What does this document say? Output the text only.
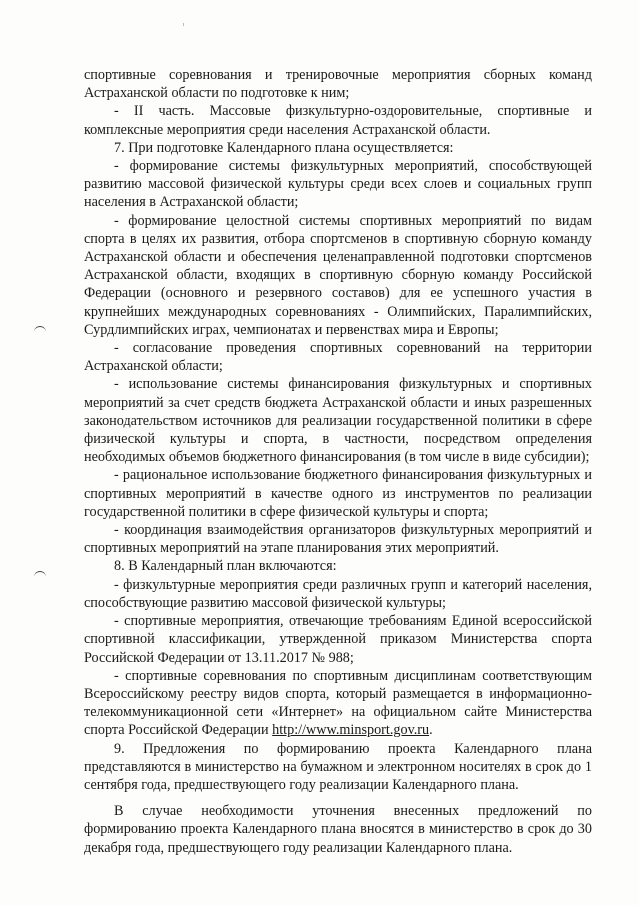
спортивные соревнования и тренировочные мероприятия сборных команд Астраханской области по подготовке к ним;

- II часть. Массовые физкультурно-оздоровительные, спортивные и комплексные мероприятия среди населения Астраханской области.

7. При подготовке Календарного плана осуществляется:

- формирование системы физкультурных мероприятий, способствующей развитию массовой физической культуры среди всех слоев и социальных групп населения в Астраханской области;

- формирование целостной системы спортивных мероприятий по видам спорта в целях их развития, отбора спортсменов в спортивную сборную команду Астраханской области и обеспечения целенаправленной подготовки спортсменов Астраханской области, входящих в спортивную сборную команду Российской Федерации (основного и резервного составов) для ее успешного участия в крупнейших международных соревнованиях - Олимпийских, Паралимпийских, Сурдлимпийских играх, чемпионатах и первенствах мира и Европы;

- согласование проведения спортивных соревнований на территории Астраханской области;

- использование системы финансирования физкультурных и спортивных мероприятий за счет средств бюджета Астраханской области и иных разрешенных законодательством источников для реализации государственной политики в сфере физической культуры и спорта, в частности, посредством определения необходимых объемов бюджетного финансирования (в том числе в виде субсидии);

- рациональное использование бюджетного финансирования физкультурных и спортивных мероприятий в качестве одного из инструментов по реализации государственной политики в сфере физической культуры и спорта;

- координация взаимодействия организаторов физкультурных мероприятий и спортивных мероприятий на этапе планирования этих мероприятий.

8. В Календарный план включаются:

- физкультурные мероприятия среди различных групп и категорий населения, способствующие развитию массовой физической культуры;

- спортивные мероприятия, отвечающие требованиям Единой всероссийской спортивной классификации, утвержденной приказом Министерства спорта Российской Федерации от 13.11.2017 № 988;

- спортивные соревнования по спортивным дисциплинам соответствующим Всероссийскому реестру видов спорта, который размещается в информационно-телекоммуникационной сети «Интернет» на официальном сайте Министерства спорта Российской Федерации http://www.minsport.gov.ru.

9. Предложения по формированию проекта Календарного плана представляются в министерство на бумажном и электронном носителях в срок до 1 сентября года, предшествующего году реализации Календарного плана.

В случае необходимости уточнения внесенных предложений по формированию проекта Календарного плана вносятся в министерство в срок до 30 декабря года, предшествующего году реализации Календарного плана.
